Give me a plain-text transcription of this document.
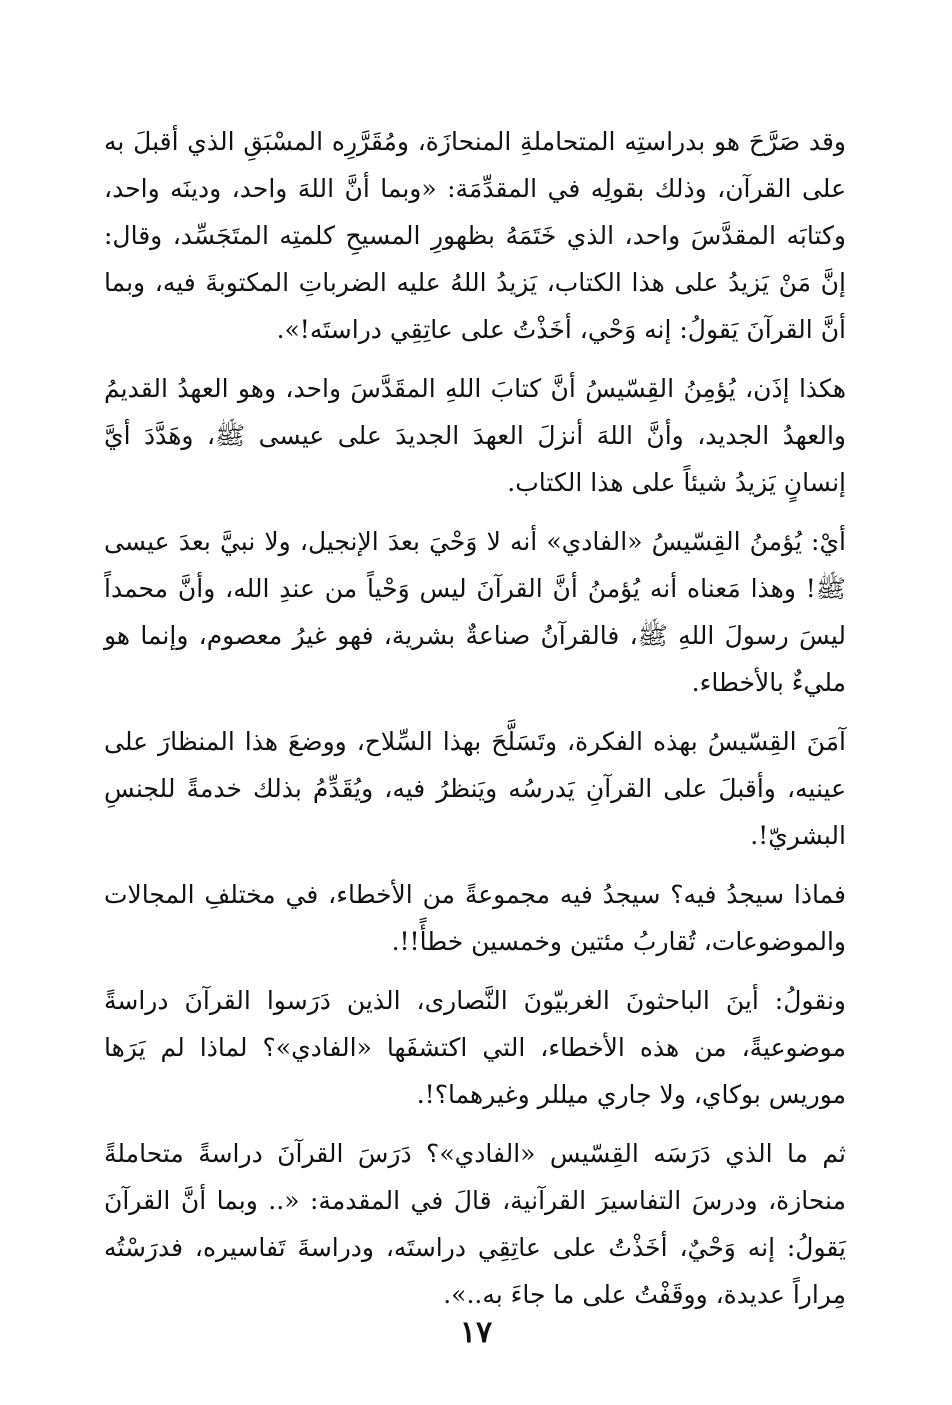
وقد صَرَّحَ هو بدراستِه المتحاملةِ المنحازَة، ومُقَرَّرِه المسْبَقِ الذي أقبلَ به على القرآن، وذلك بقولِه في المقدِّمَة: «وبما أنَّ اللهَ واحد، ودينَه واحد، وكتابَه المقدَّسَ واحد، الذي خَتَمَهُ بظهورِ المسيحِ كلمتِه المتَجَسِّد، وقال: إنَّ مَنْ يَزيدُ على هذا الكتاب، يَزيدُ اللهُ عليه الضرباتِ المكتوبةَ فيه، وبما أنَّ القرآنَ يَقولُ: إنه وَحْي، أخَذْتُ على عاتِقِي دراستَه!».

هكذا إذَن، يُؤمِنُ القِسّيسُ أنَّ كتابَ اللهِ المقَدَّسَ واحد، وهو العهدُ القديمُ والعهدُ الجديد، وأنَّ اللهَ أنزلَ العهدَ الجديدَ على عيسى ﷺ، وهَدَّدَ أيَّ إنسانٍ يَزيدُ شيئاً على هذا الكتاب.

أيْ: يُؤمنُ القِسّيسُ «الفادي» أنه لا وَحْيَ بعدَ الإنجيل، ولا نبيَّ بعدَ عيسى ﷺ! وهذا مَعناه أنه يُؤمنُ أنَّ القرآنَ ليس وَحْياً من عندِ الله، وأنَّ محمداً ليسَ رسولَ اللهِ ﷺ، فالقرآنُ صناعةٌ بشرية، فهو غيرُ معصوم، وإنما هو مليءٌ بالأخطاء.

آمَنَ القِسّيسُ بهذه الفكرة، وتَسَلَّحَ بهذا السِّلاح، ووضعَ هذا المنظارَ على عينيه، وأقبلَ على القرآنِ يَدرسُه ويَنظرُ فيه، ويُقَدِّمُ بذلك خدمةً للجنسِ البشريّ!.

فماذا سيجدُ فيه؟ سيجدُ فيه مجموعةً من الأخطاء، في مختلفِ المجالات والموضوعات، تُقاربُ مئتين وخمسين خطأً!!.

ونقولُ: أينَ الباحثونَ الغربيّونَ النَّصارى، الذين دَرَسوا القرآنَ دراسةً موضوعيةً، من هذه الأخطاء، التي اكتشفَها «الفادي»؟ لماذا لم يَرَها موريس بوكاي، ولا جاري ميللر وغيرهما؟!.

ثم ما الذي دَرَسَه القِسّيس «الفادي»؟ دَرَسَ القرآنَ دراسةً متحاملةً منحازة، ودرسَ التفاسيرَ القرآنية، قالَ في المقدمة: «.. وبما أنَّ القرآنَ يَقولُ: إنه وَحْيٌ، أخَذْتُ على عاتِقِي دراستَه، ودراسةَ تَفاسيره، فدرَسْتُه مِراراً عديدة، ووقَفْتُ على ما جاءَ به..».

١٧
